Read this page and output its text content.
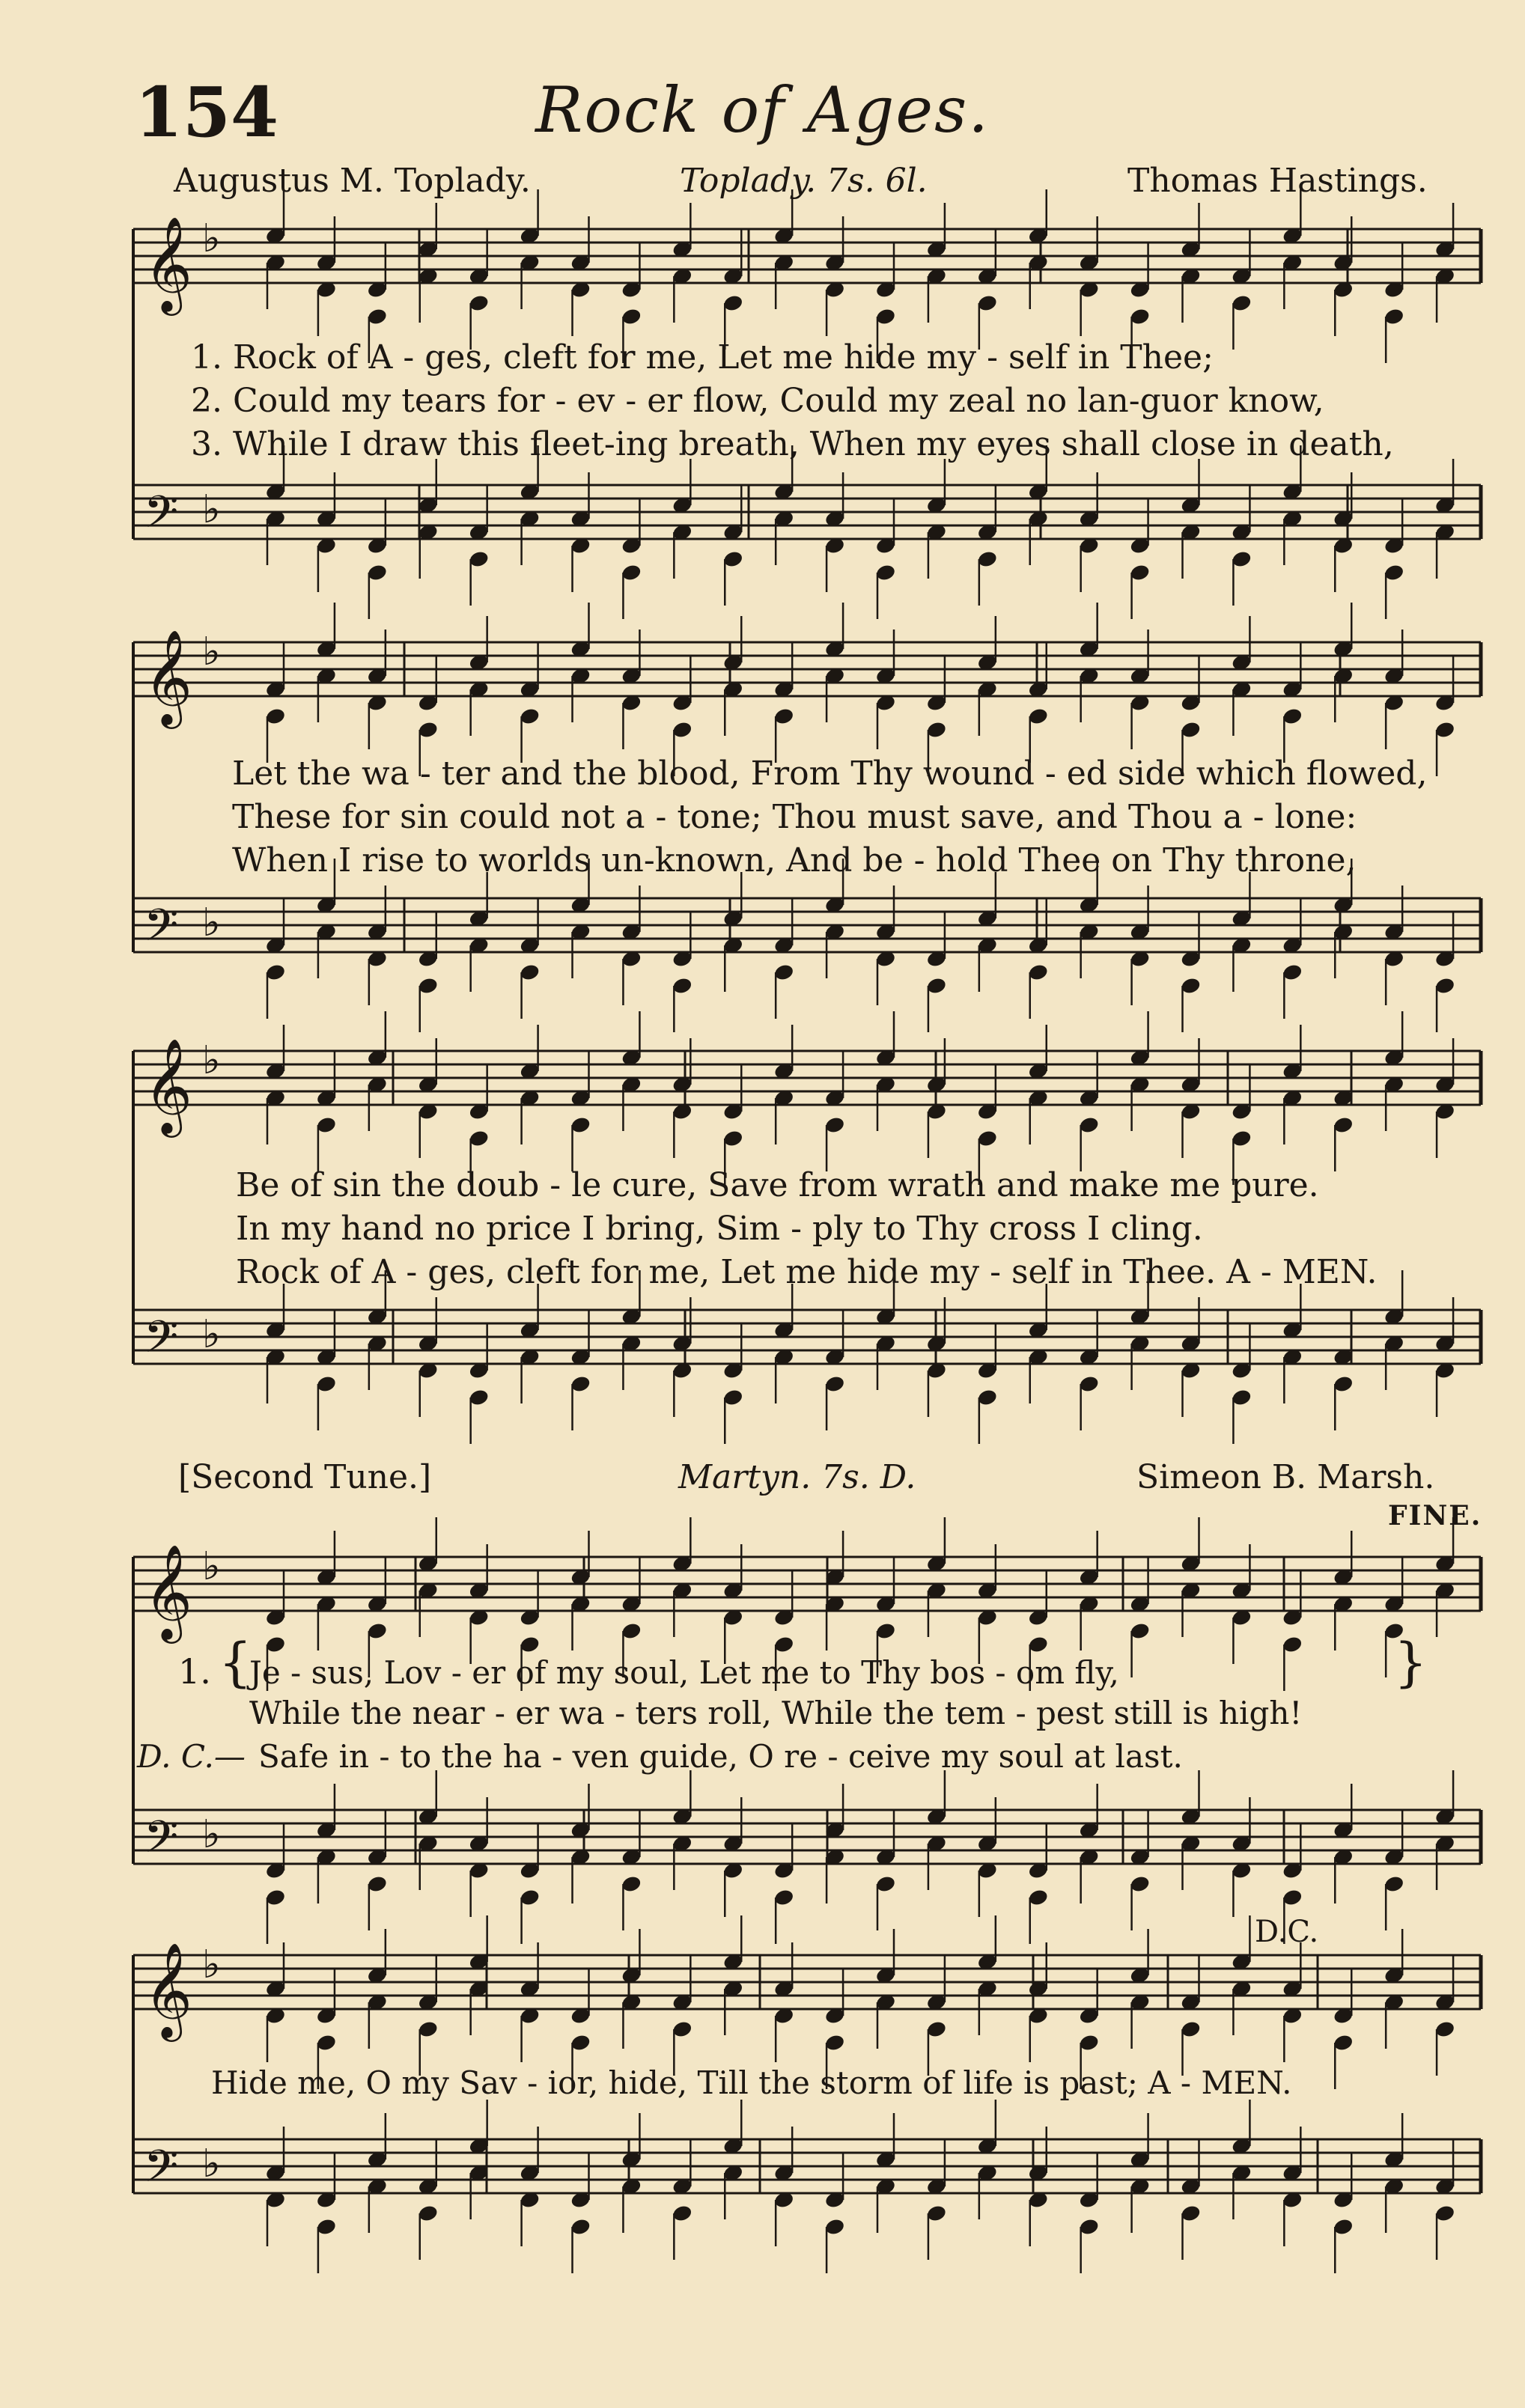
154	Rock of Ages.
Augustus M. Toplady.	Toplady. 7s. 6l.	Thomas Hastings.
𝄞 ♭
𝄢 ♭
𝄞 ♭
𝄢 ♭
𝄞 ♭
𝄢 ♭
𝄞 ♭
𝄢 ♭
𝄞 ♭
𝄢 ♭
1. Rock of A - ges, cleft for me, Let me hide my - self in Thee;
2. Could my tears for - ev - er flow, Could my zeal no lan-guor know,
3. While I draw this fleet-ing breath, When my eyes shall close in death,
Let the wa - ter and the blood, From Thy wound - ed side which flowed,
These for sin could not a - tone; Thou must save, and Thou a - lone:
When I rise to worlds un-known, And be - hold Thee on Thy throne,
Be of sin the doub - le cure, Save from wrath and make me pure.
In my hand no price I bring, Sim - ply to Thy cross I cling.
Rock of A - ges, cleft for me, Let me hide my - self in Thee. A - MEN.
[Second Tune.]	Martyn. 7s. D.	Simeon B. Marsh.
FINE.
1. {	}
Je - sus, Lov - er of my soul, Let me to Thy bos - om fly,
While the near - er wa - ters roll, While the tem - pest still is high!
D. C.— Safe in - to the ha - ven guide, O re - ceive my soul at last.
D.C.
Hide me, O my Sav - ior, hide, Till the storm of life is past; A - MEN.
